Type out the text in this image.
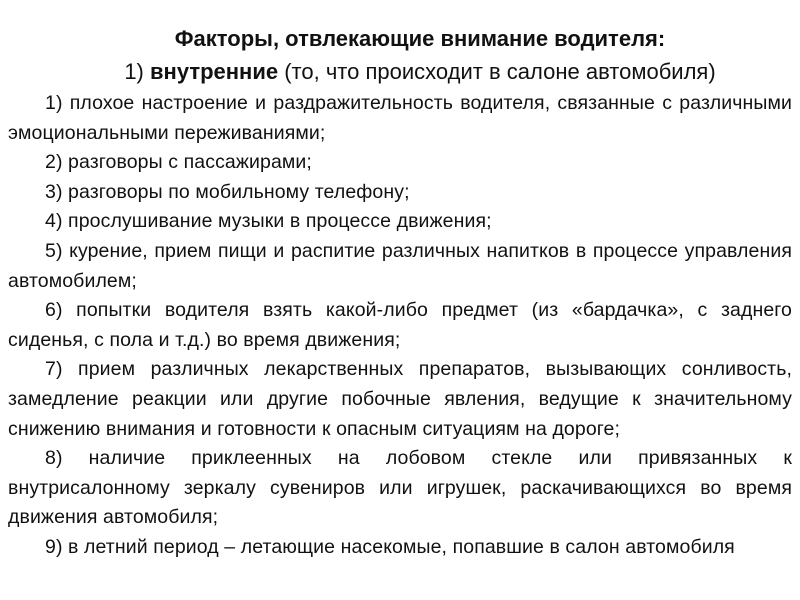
Факторы, отвлекающие внимание водителя:
1) внутренние (то, что происходит в салоне автомобиля)

1) плохое настроение и раздражительность водителя, связанные с различными эмоциональными переживаниями;

2) разговоры с пассажирами;

3) разговоры по мобильному телефону;

4) прослушивание музыки в процессе движения;

5) курение, прием пищи и распитие различных напитков в процессе управления автомобилем;

6) попытки водителя взять какой-либо предмет (из «бардачка», с заднего сиденья, с пола и т.д.) во время движения;

7) прием различных лекарственных препаратов, вызывающих сонливость, замедление реакции или другие побочные явления, ведущие к значительному снижению внимания и готовности к опасным ситуациям на дороге;

8) наличие приклеенных на лобовом стекле или привязанных к внутрисалонному зеркалу сувениров или игрушек, раскачивающихся во время движения автомобиля;

9) в летний период – летающие насекомые, попавшие в салон автомобиля
